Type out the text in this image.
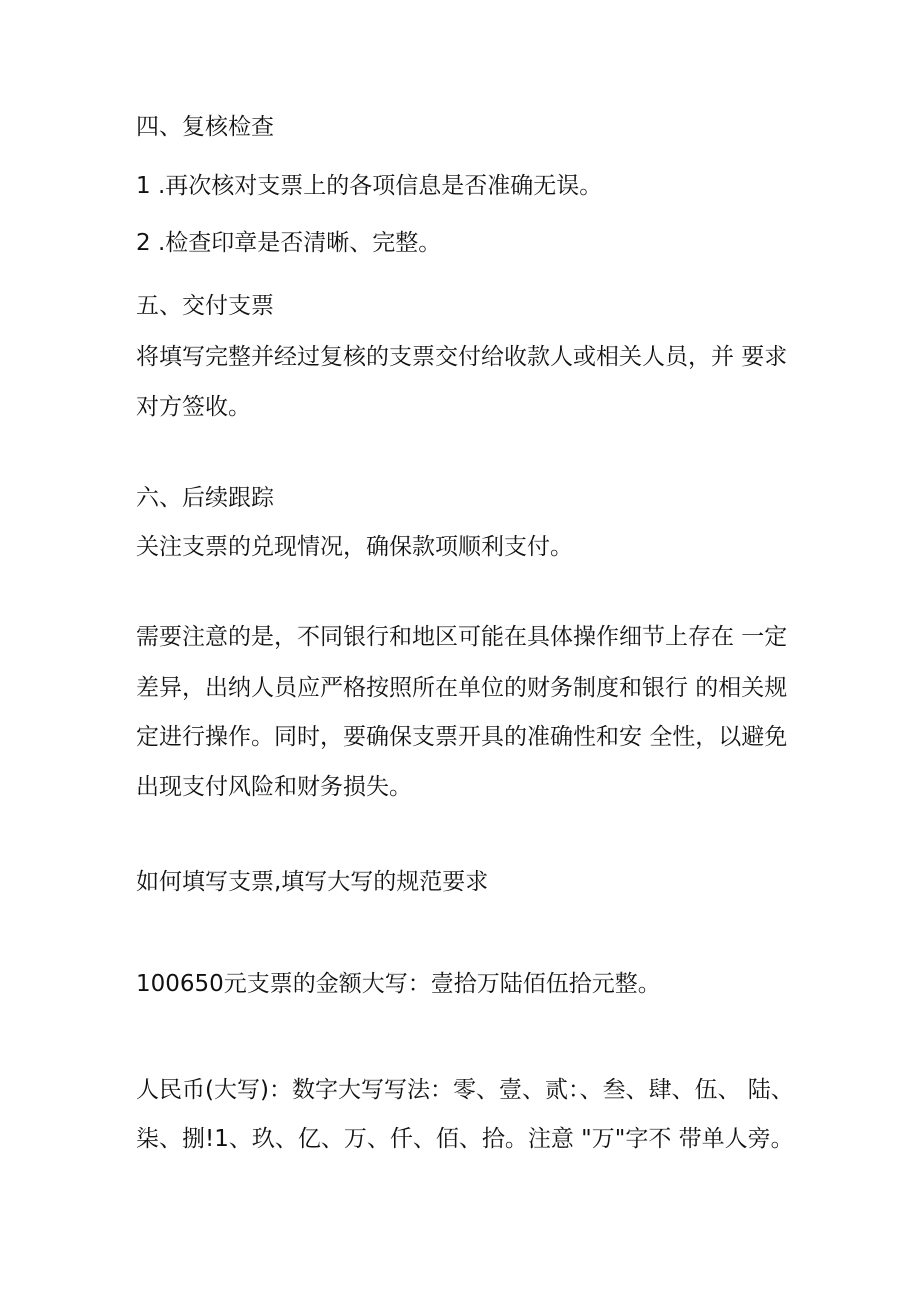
四、复核检查
1 .再次核对支票上的各项信息是否准确无误。
2 .检查印章是否清晰、完整。
五、交付支票
将填写完整并经过复核的支票交付给收款人或相关人员，并 要求
对方签收。
六、后续跟踪
关注支票的兑现情况，确保款项顺利支付。
需要注意的是，不同银行和地区可能在具体操作细节上存在 一定
差异，出纳人员应严格按照所在单位的财务制度和银行 的相关规
定进行操作。同时，要确保支票开具的准确性和安 全性，以避免
出现支付风险和财务损失。
如何填写支票,填写大写的规范要求
100650元支票的金额大写：壹拾万陆佰伍拾元整。
人民币(大写)：数字大写写法：零、壹、贰：、叁、肆、伍、 陆、
柒、捌!1、玖、亿、万、仟、佰、拾。注意 "万"字不 带单人旁。
